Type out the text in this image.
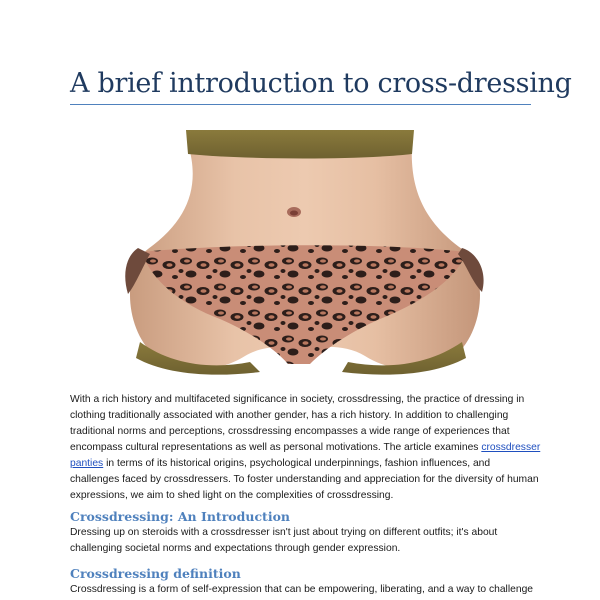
A brief introduction to cross-dressing

With a rich history and multifaceted significance in society, crossdressing, the practice of dressing in clothing traditionally associated with another gender, has a rich history. In addition to challenging traditional norms and perceptions, crossdressing encompasses a wide range of experiences that encompass cultural representations as well as personal motivations. The article examines crossdresser panties in terms of its historical origins, psychological underpinnings, fashion influences, and challenges faced by crossdressers. To foster understanding and appreciation for the diversity of human expressions, we aim to shed light on the complexities of crossdressing.

Crossdressing: An Introduction

Dressing up on steroids with a crossdresser isn't just about trying on different outfits; it's about challenging societal norms and expectations through gender expression.

Crossdressing definition

Crossdressing is a form of self-expression that can be empowering, liberating, and a way to challenge
